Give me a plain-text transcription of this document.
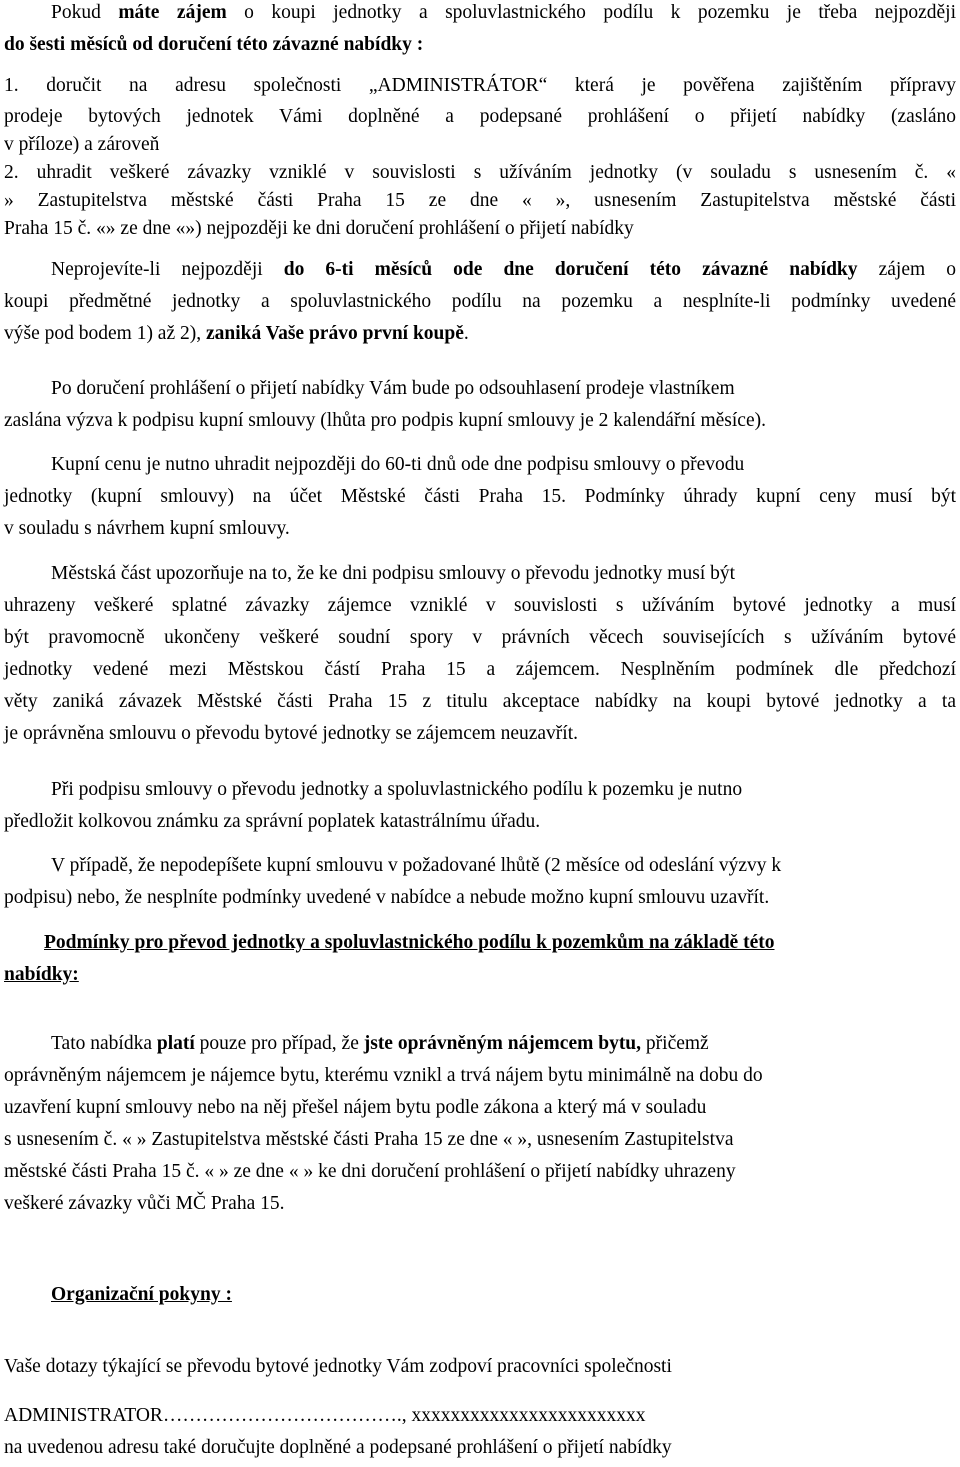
Pokud máte zájem o koupi jednotky a spoluvlastnického podílu k pozemku je třeba nejpozději
do šesti měsíců od doručení této závazné nabídky :
1. doručit na adresu společnosti „ADMINISTRÁTOR“ která je pověřena zajištěním přípravy
prodeje bytových jednotek Vámi doplněné a podepsané prohlášení o přijetí nabídky (zasláno
v příloze) a zároveň
2. uhradit veškeré závazky vzniklé v souvislosti s užíváním jednotky (v souladu s usnesením č. «
» Zastupitelstva městské části Praha 15 ze dne « », usnesením Zastupitelstva městské části
Praha 15 č. «» ze dne «») nejpozději ke dni doručení prohlášení o přijetí nabídky
Neprojevíte-li nejpozději do 6-ti měsíců ode dne doručení této závazné nabídky zájem o
koupi předmětné jednotky a spoluvlastnického podílu na pozemku a nesplníte-li podmínky uvedené
výše pod bodem 1) až 2), zaniká Vaše právo první koupě.
Po doručení prohlášení o přijetí nabídky Vám bude po odsouhlasení prodeje vlastníkem
zaslána výzva k podpisu kupní smlouvy (lhůta pro podpis kupní smlouvy je 2 kalendářní měsíce).
Kupní cenu je nutno uhradit nejpozději do 60-ti dnů ode dne podpisu smlouvy o převodu
jednotky (kupní smlouvy) na účet Městské části Praha 15. Podmínky úhrady kupní ceny musí být
v souladu s návrhem kupní smlouvy.
Městská část upozorňuje na to, že ke dni podpisu smlouvy o převodu jednotky musí být
uhrazeny veškeré splatné závazky zájemce vzniklé v souvislosti s užíváním bytové jednotky a musí
být pravomocně ukončeny veškeré soudní spory v právních věcech souvisejících s užíváním bytové
jednotky vedené mezi Městskou částí Praha 15 a zájemcem. Nesplněním podmínek dle předchozí
věty zaniká závazek Městské části Praha 15 z titulu akceptace nabídky na koupi bytové jednotky a ta
je oprávněna smlouvu o převodu bytové jednotky se zájemcem neuzavřít.
Při podpisu smlouvy o převodu jednotky a spoluvlastnického podílu k pozemku je nutno
předložit kolkovou známku za správní poplatek katastrálnímu úřadu.
V případě, že nepodepíšete kupní smlouvu v požadované lhůtě (2 měsíce od odeslání výzvy k
podpisu) nebo, že nesplníte podmínky uvedené v nabídce a nebude možno kupní smlouvu uzavřít.
Podmínky pro převod jednotky a spoluvlastnického podílu k pozemkům na základě této
nabídky:
Tato nabídka platí pouze pro případ, že jste oprávněným nájemcem bytu, přičemž
oprávněným nájemcem je nájemce bytu, kterému vznikl a trvá nájem bytu minimálně na dobu do
uzavření kupní smlouvy nebo na něj přešel nájem bytu podle zákona a který má v souladu
s usnesením č. « » Zastupitelstva městské části Praha 15 ze dne « », usnesením Zastupitelstva
městské části Praha 15 č. « » ze dne « » ke dni doručení prohlášení o přijetí nabídky uhrazeny
veškeré závazky vůči MČ Praha 15.
Organizační pokyny :
Vaše dotazy týkající se převodu bytové jednotky Vám zodpoví pracovníci společnosti
ADMINISTRATOR………………………………., xxxxxxxxxxxxxxxxxxxxxxxx
na uvedenou adresu také doručujte doplněné a podepsané prohlášení o přijetí nabídky
